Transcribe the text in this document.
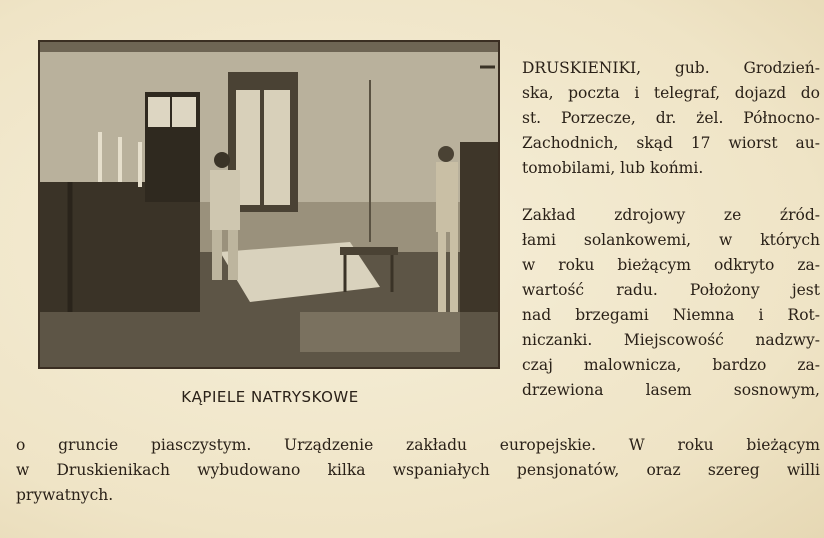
KĄPIELE NATRYSKOWE
DRUSKIENIKI, gub. Grodzień-
ska, poczta i telegraf, dojazd do
st. Porzecze, dr. żel. Północno-
Zachodnich, skąd 17 wiorst au-
tomobilami, lub końmi.
Zakład zdrojowy ze źród-
łami solankowemi, w których
w roku bieżącym odkryto za-
wartość radu. Położony jest
nad brzegami Niemna i Rot-
niczanki. Miejscowość nadzwy-
czaj malownicza, bardzo za-
drzewiona lasem sosnowym,
o gruncie piasczystym. Urządzenie zakładu europejskie. W roku bieżącym
w Druskienikach wybudowano kilka wspaniałych pensjonatów, oraz szereg willi
prywatnych.
